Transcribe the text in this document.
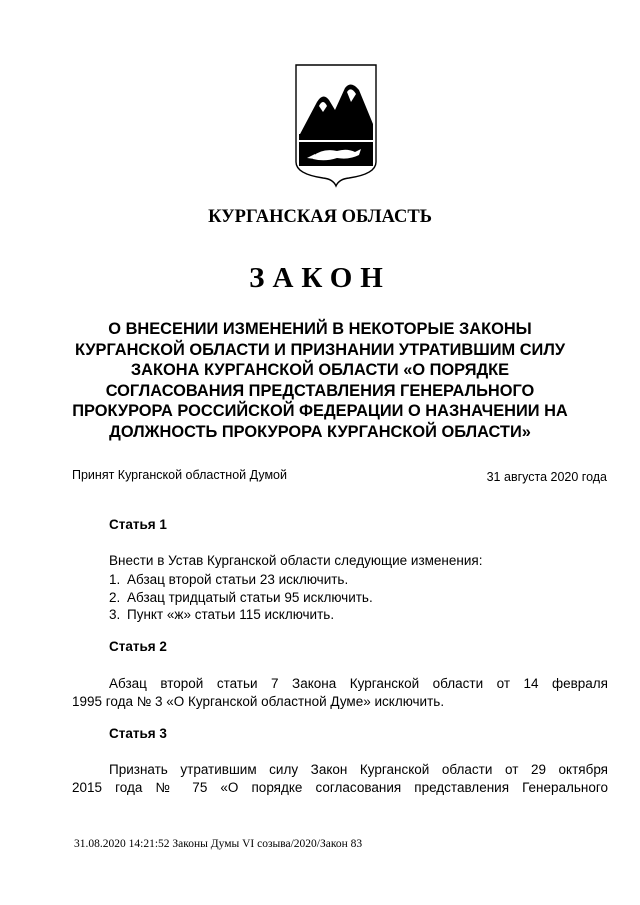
КУРГАНСКАЯ ОБЛАСТЬ
ЗАКОН
О ВНЕСЕНИИ ИЗМЕНЕНИЙ В НЕКОТОРЫЕ ЗАКОНЫ
КУРГАНСКОЙ ОБЛАСТИ И ПРИЗНАНИИ УТРАТИВШИМ СИЛУ
ЗАКОНА КУРГАНСКОЙ ОБЛАСТИ «О ПОРЯДКЕ
СОГЛАСОВАНИЯ ПРЕДСТАВЛЕНИЯ ГЕНЕРАЛЬНОГО
ПРОКУРОРА РОССИЙСКОЙ ФЕДЕРАЦИИ О НАЗНАЧЕНИИ НА
ДОЛЖНОСТЬ ПРОКУРОРА КУРГАНСКОЙ ОБЛАСТИ»
Принят Курганской областной Думой	31 августа 2020 года
Статья 1
Внести в Устав Курганской области следующие изменения:
1. Абзац второй статьи 23 исключить.
2. Абзац тридцатый статьи 95 исключить.
3. Пункт «ж» статьи 115 исключить.
Статья 2
Абзац второй статьи 7 Закона Курганской области от 14 февраля
1995 года № 3 «О Курганской областной Думе» исключить.
Статья 3
Признать утратившим силу Закон Курганской области от 29 октября
2015 года № 75 «О порядке согласования представления Генерального
31.08.2020 14:21:52 Законы Думы VI созыва/2020/Закон 83
